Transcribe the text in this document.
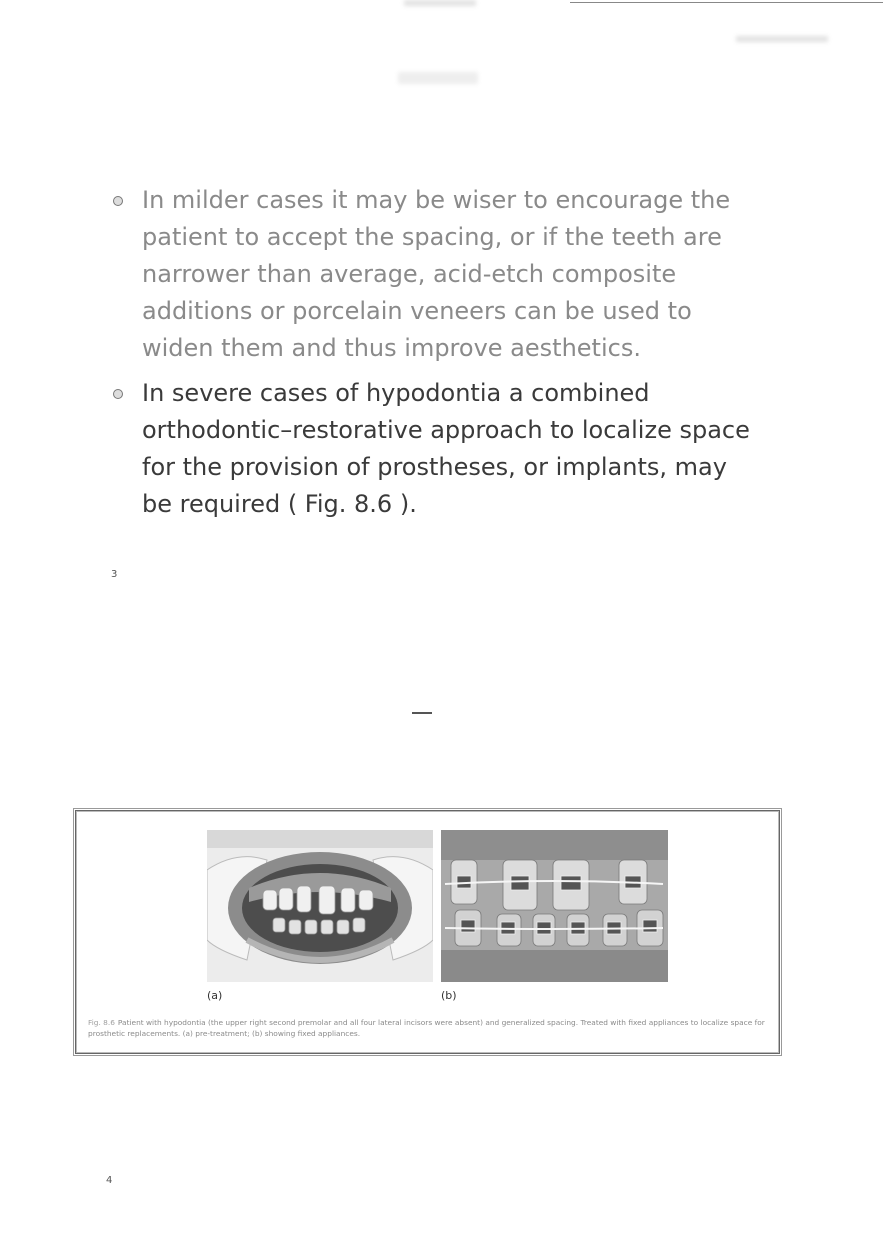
In milder cases it may be wiser to encourage the patient to accept the spacing, or if the teeth are narrower than average, acid-etch composite additions or porcelain veneers can be used to widen them and thus improve aesthetics.
In severe cases of hypodontia a combined orthodontic–restorative approach to localize space for the provision of prostheses, or implants, may be required ( Fig. 8.6 ).
3
(a)	(b)
Fig. 8.6 Patient with hypodontia (the upper right second premolar and all four lateral incisors were absent) and generalized spacing. Treated with fixed appliances to localize space for prosthetic replacements. (a) pre-treatment; (b) showing fixed appliances.
4
